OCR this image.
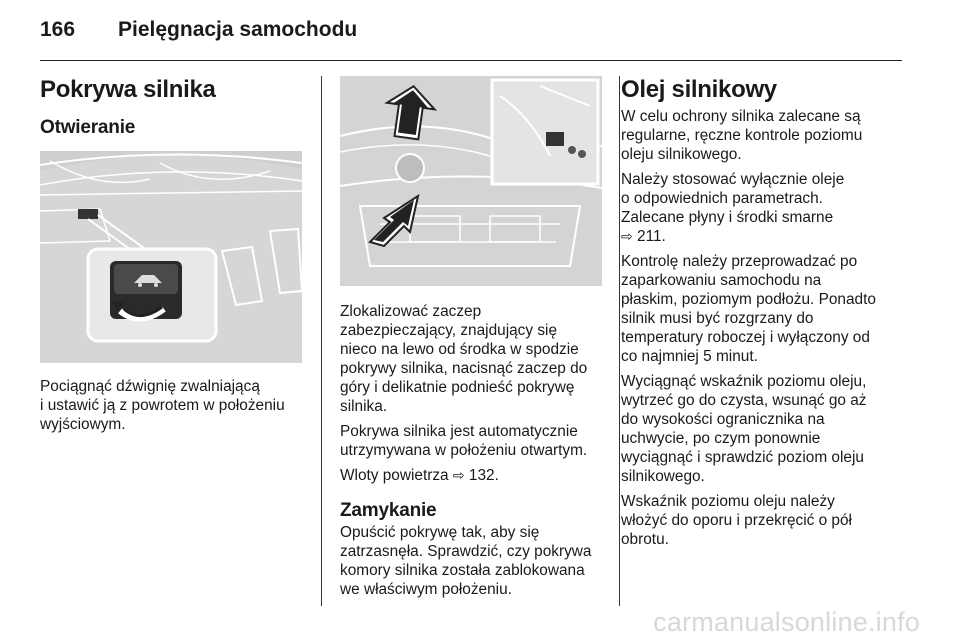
166 Pielęgnacja samochodu
Pokrywa silnika
Otwieranie

Pociągnąć dźwignię zwalniającą
i ustawić ją z powrotem w położeniu
wyjściowym.

Zlokalizować zaczep
zabezpieczający, znajdujący się
nieco na lewo od środka w spodzie
pokrywy silnika, nacisnąć zaczep do
góry i delikatnie podnieść pokrywę
silnika.

Pokrywa silnika jest automatycznie
utrzymywana w położeniu otwartym.

Wloty powietrza ⇨ 132.

Zamykanie

Opuścić pokrywę tak, aby się
zatrzasnęła. Sprawdzić, czy pokrywa
komory silnika została zablokowana
we właściwym położeniu.

Olej silnikowy

W celu ochrony silnika zalecane są
regularne, ręczne kontrole poziomu
oleju silnikowego.

Należy stosować wyłącznie oleje
o odpowiednich parametrach.
Zalecane płyny i środki smarne
⇨ 211.

Kontrolę należy przeprowadzać po
zaparkowaniu samochodu na
płaskim, poziomym podłożu. Ponadto
silnik musi być rozgrzany do
temperatury roboczej i wyłączony od
co najmniej 5 minut.

Wyciągnąć wskaźnik poziomu oleju,
wytrzeć go do czysta, wsunąć go aż
do wysokości ogranicznika na
uchwycie, po czym ponownie
wyciągnąć i sprawdzić poziom oleju
silnikowego.

Wskaźnik poziomu oleju należy
włożyć do oporu i przekręcić o pół
obrotu.

carmanualsonline.info
